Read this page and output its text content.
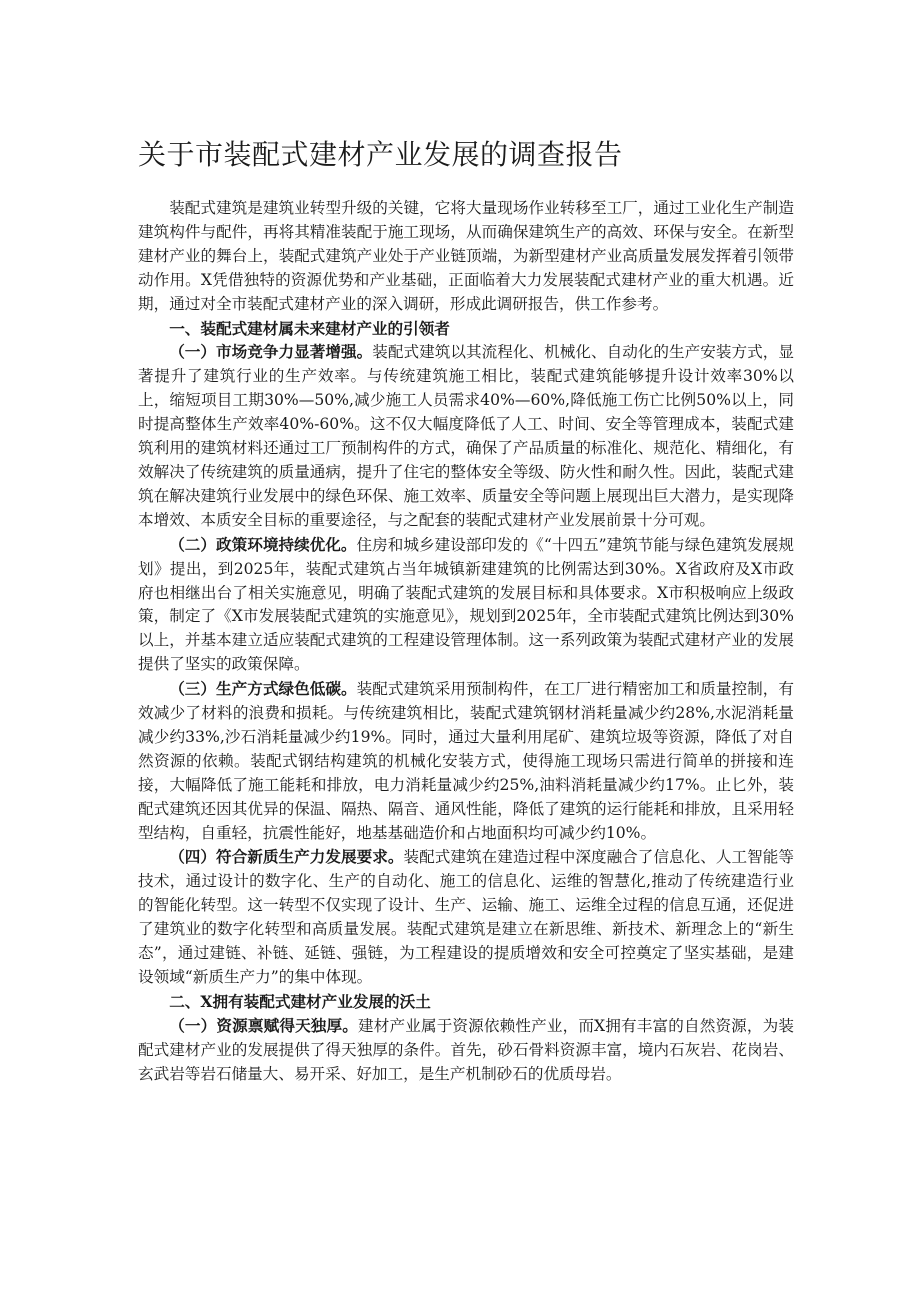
关于市装配式建材产业发展的调查报告

装配式建筑是建筑业转型升级的关键，它将大量现场作业转移至工厂，通过工业化生产制造建筑构件与配件，再将其精准装配于施工现场，从而确保建筑生产的高效、环保与安全。在新型建材产业的舞台上，装配式建筑产业处于产业链顶端，为新型建材产业高质量发展发挥着引领带动作用。X凭借独特的资源优势和产业基础，正面临着大力发展装配式建材产业的重大机遇。近期，通过对全市装配式建材产业的深入调研，形成此调研报告，供工作参考。

一、装配式建材属未来建材产业的引领者

（一）市场竞争力显著增强。装配式建筑以其流程化、机械化、自动化的生产安装方式，显著提升了建筑行业的生产效率。与传统建筑施工相比，装配式建筑能够提升设计效率30%以上，缩短项目工期30%—50%,减少施工人员需求40%—60%,降低施工伤亡比例50%以上，同时提高整体生产效率40%-60%。这不仅大幅度降低了人工、时间、安全等管理成本，装配式建筑利用的建筑材料还通过工厂预制构件的方式，确保了产品质量的标准化、规范化、精细化，有效解决了传统建筑的质量通病，提升了住宅的整体安全等级、防火性和耐久性。因此，装配式建筑在解决建筑行业发展中的绿色环保、施工效率、质量安全等问题上展现出巨大潜力，是实现降本增效、本质安全目标的重要途径，与之配套的装配式建材产业发展前景十分可观。

（二）政策环境持续优化。住房和城乡建设部印发的《“十四五”建筑节能与绿色建筑发展规划》提出，到2025年，装配式建筑占当年城镇新建建筑的比例需达到30%。X省政府及X市政府也相继出台了相关实施意见，明确了装配式建筑的发展目标和具体要求。X市积极响应上级政策，制定了《X市发展装配式建筑的实施意见》，规划到2025年，全市装配式建筑比例达到30%以上，并基本建立适应装配式建筑的工程建设管理体制。这一系列政策为装配式建材产业的发展提供了坚实的政策保障。

（三）生产方式绿色低碳。装配式建筑采用预制构件，在工厂进行精密加工和质量控制，有效减少了材料的浪费和损耗。与传统建筑相比，装配式建筑钢材消耗量减少约28%,水泥消耗量减少约33%,沙石消耗量减少约19%。同时，通过大量利用尾矿、建筑垃圾等资源，降低了对自然资源的依赖。装配式钢结构建筑的机械化安装方式，使得施工现场只需进行简单的拼接和连接，大幅降低了施工能耗和排放，电力消耗量减少约25%,油料消耗量减少约17%。止匕外，装配式建筑还因其优异的保温、隔热、隔音、通风性能，降低了建筑的运行能耗和排放，且采用轻型结构，自重轻，抗震性能好，地基基础造价和占地面积均可减少约10%。

（四）符合新质生产力发展要求。装配式建筑在建造过程中深度融合了信息化、人工智能等技术，通过设计的数字化、生产的自动化、施工的信息化、运维的智慧化,推动了传统建造行业的智能化转型。这一转型不仅实现了设计、生产、运输、施工、运维全过程的信息互通，还促进了建筑业的数字化转型和高质量发展。装配式建筑是建立在新思维、新技术、新理念上的“新生态”，通过建链、补链、延链、强链，为工程建设的提质增效和安全可控奠定了坚实基础，是建设领域“新质生产力”的集中体现。

二、X拥有装配式建材产业发展的沃土

（一）资源禀赋得天独厚。建材产业属于资源依赖性产业，而X拥有丰富的自然资源，为装配式建材产业的发展提供了得天独厚的条件。首先，砂石骨料资源丰富，境内石灰岩、花岗岩、玄武岩等岩石储量大、易开采、好加工，是生产机制砂石的优质母岩。
